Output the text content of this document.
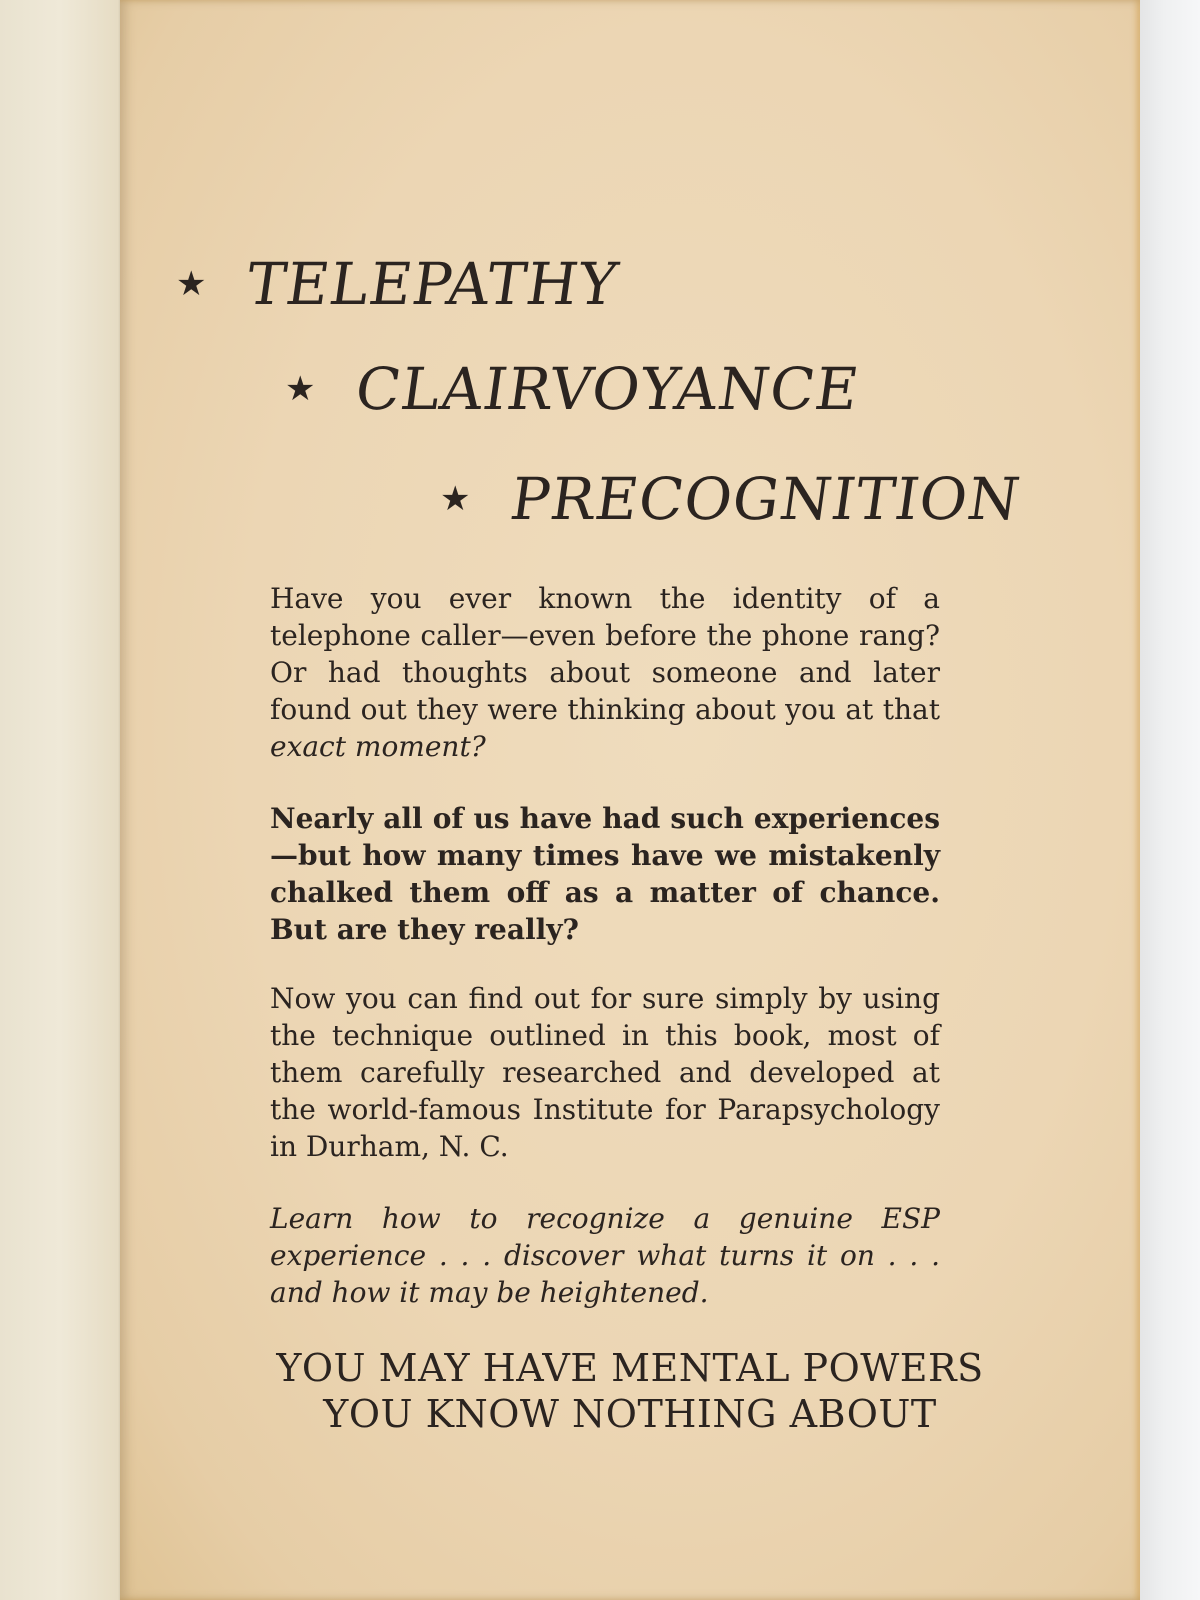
★ TELEPATHY
★ CLAIRVOYANCE
★ PRECOGNITION

Have you ever known the identity of a telephone caller—even before the phone rang? Or had thoughts about someone and later found out they were thinking about you at that exact moment?

Nearly all of us have had such experiences—but how many times have we mistakenly chalked them off as a matter of chance. But are they really?

Now you can find out for sure simply by using the technique outlined in this book, most of them carefully researched and developed at the world-famous Institute for Parapsychology in Durham, N. C.

Learn how to recognize a genuine ESP experience . . . discover what turns it on . . . and how it may be heightened.

YOU MAY HAVE MENTAL POWERS
YOU KNOW NOTHING ABOUT
